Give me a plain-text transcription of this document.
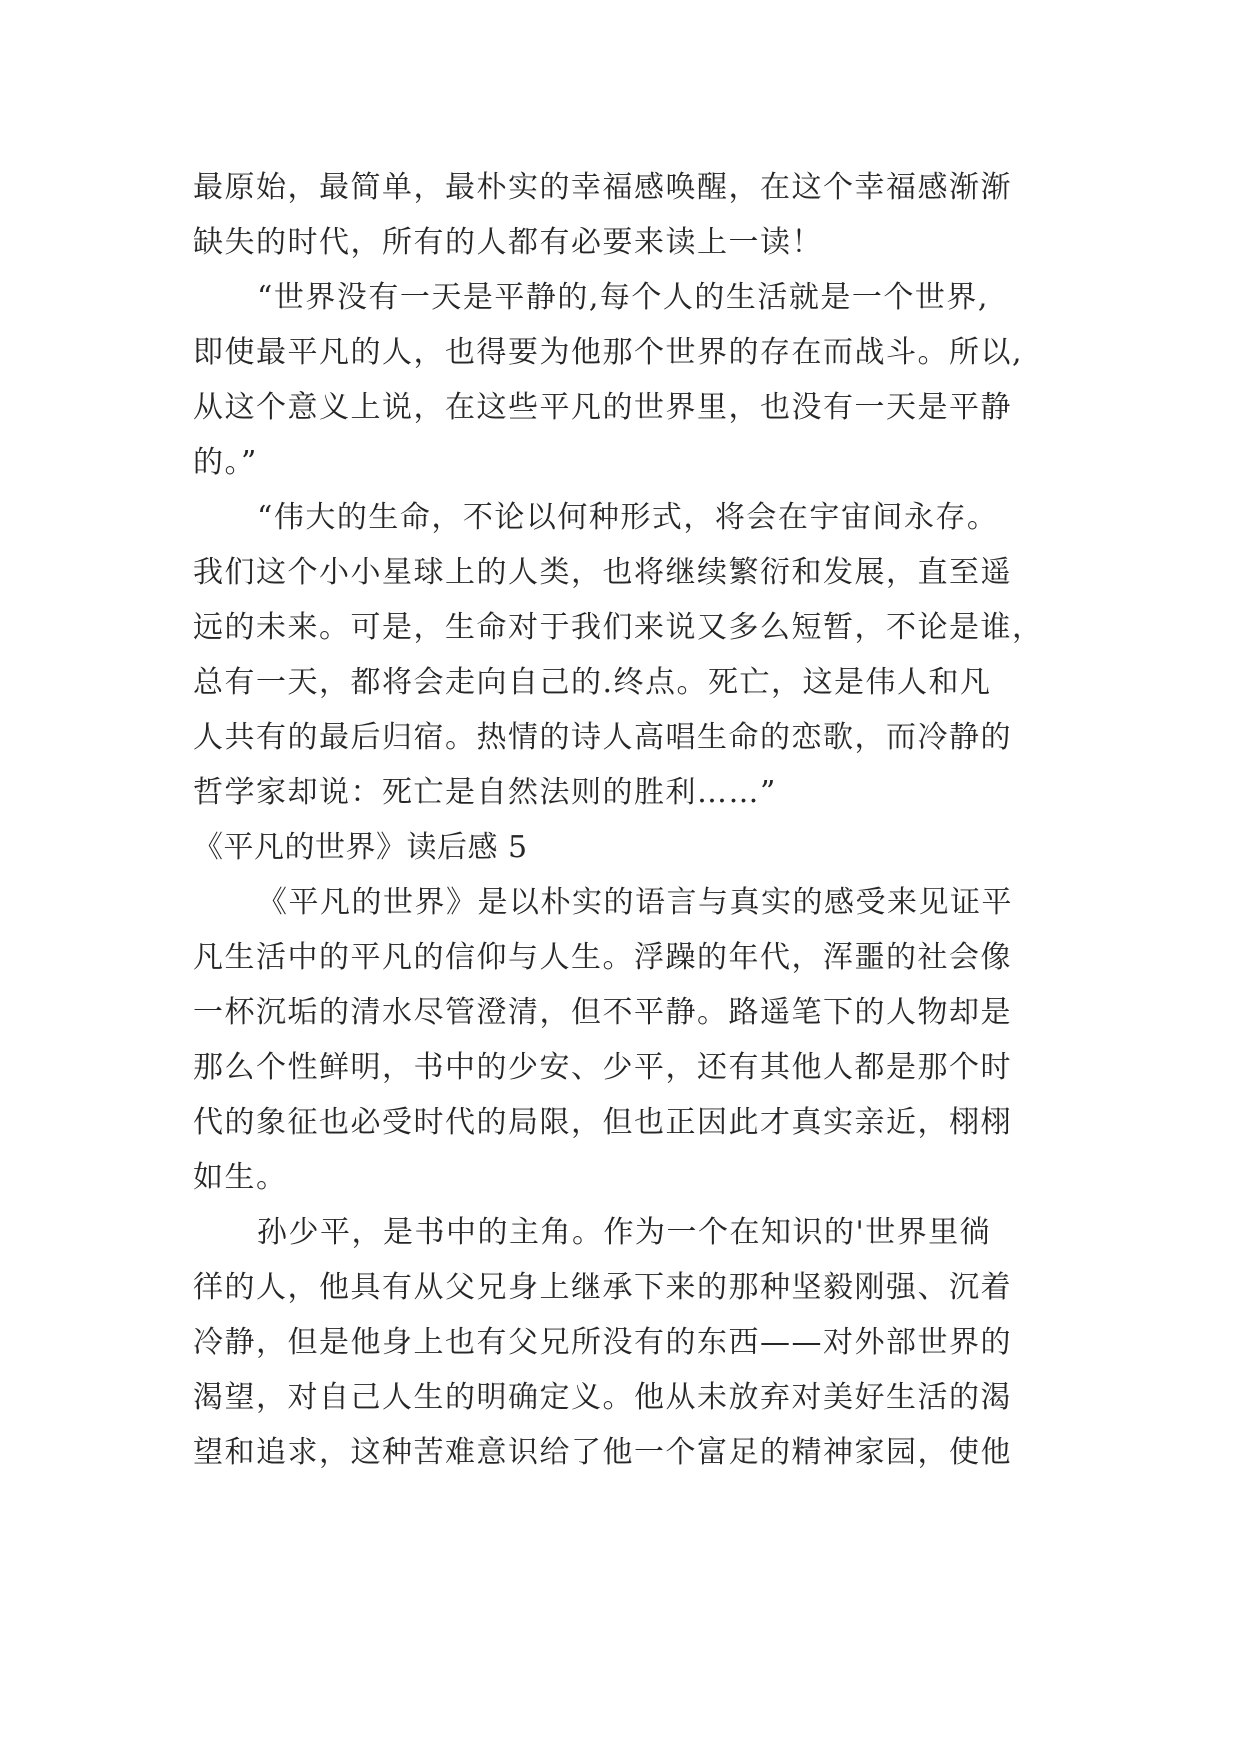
最原始，最简单，最朴实的幸福感唤醒，在这个幸福感渐渐
缺失的时代，所有的人都有必要来读上一读！
“世界没有一天是平静的,每个人的生活就是一个世界,
即使最平凡的人，也得要为他那个世界的存在而战斗。所以,
从这个意义上说，在这些平凡的世界里，也没有一天是平静
的。”
“伟大的生命，不论以何种形式，将会在宇宙间永存。
我们这个小小星球上的人类，也将继续繁衍和发展，直至遥
远的未来。可是，生命对于我们来说又多么短暂，不论是谁，
总有一天，都将会走向自己的.终点。死亡，这是伟人和凡
人共有的最后归宿。热情的诗人高唱生命的恋歌，而冷静的
哲学家却说：死亡是自然法则的胜利……”
《平凡的世界》读后感 5
《平凡的世界》是以朴实的语言与真实的感受来见证平
凡生活中的平凡的信仰与人生。浮躁的年代，浑噩的社会像
一杯沉垢的清水尽管澄清，但不平静。路遥笔下的人物却是
那么个性鲜明，书中的少安、少平，还有其他人都是那个时
代的象征也必受时代的局限，但也正因此才真实亲近，栩栩
如生。
孙少平，是书中的主角。作为一个在知识的'世界里徜
徉的人，他具有从父兄身上继承下来的那种坚毅刚强、沉着
冷静，但是他身上也有父兄所没有的东西——对外部世界的
渴望，对自己人生的明确定义。他从未放弃对美好生活的渴
望和追求，这种苦难意识给了他一个富足的精神家园，使他
